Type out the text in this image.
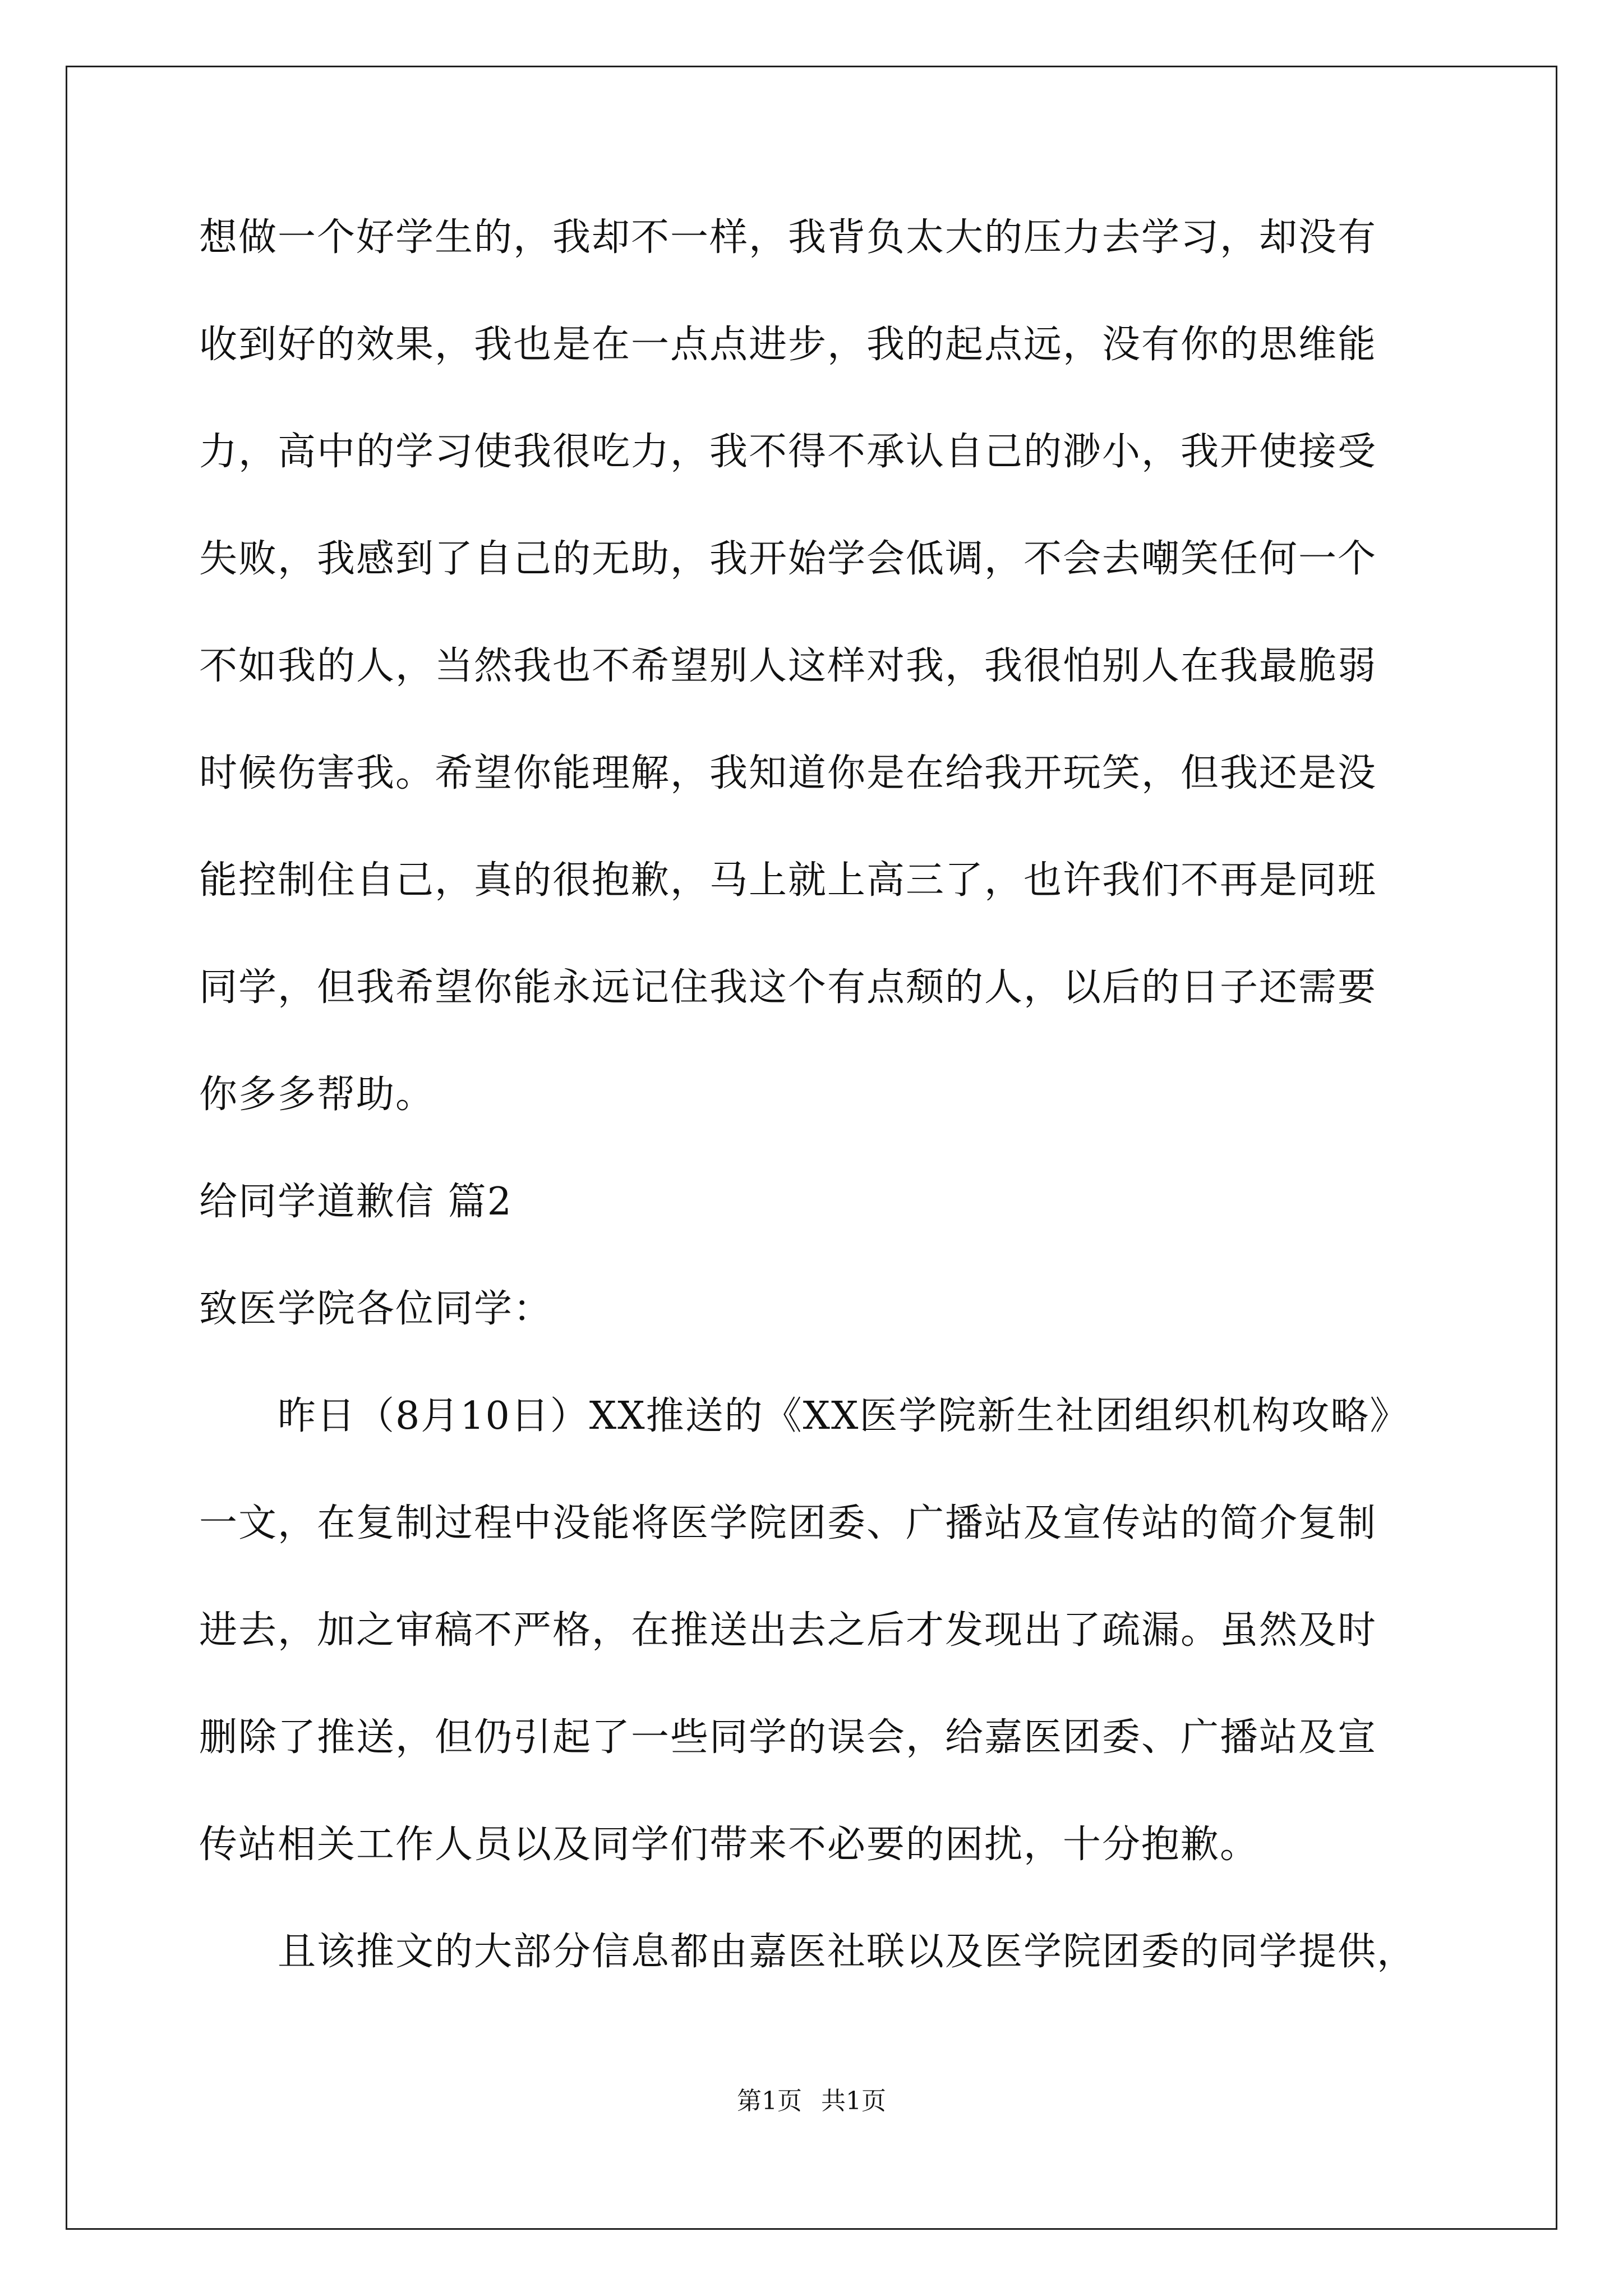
想做一个好学生的，我却不一样，我背负太大的压力去学习，却没有

收到好的效果，我也是在一点点进步，我的起点远，没有你的思维能

力，高中的学习使我很吃力，我不得不承认自己的渺小，我开使接受

失败，我感到了自己的无助，我开始学会低调，不会去嘲笑任何一个

不如我的人，当然我也不希望别人这样对我，我很怕别人在我最脆弱

时候伤害我。希望你能理解，我知道你是在给我开玩笑，但我还是没

能控制住自己，真的很抱歉，马上就上高三了，也许我们不再是同班

同学，但我希望你能永远记住我这个有点颓的人，以后的日子还需要

你多多帮助。

给同学道歉信 篇2

致医学院各位同学：

昨日（8月10日）XX推送的《XX医学院新生社团组织机构攻略》

一文，在复制过程中没能将医学院团委、广播站及宣传站的简介复制

进去，加之审稿不严格，在推送出去之后才发现出了疏漏。虽然及时

删除了推送，但仍引起了一些同学的误会，给嘉医团委、广播站及宣

传站相关工作人员以及同学们带来不必要的困扰，十分抱歉。

且该推文的大部分信息都由嘉医社联以及医学院团委的同学提供，

第1页 共1页
